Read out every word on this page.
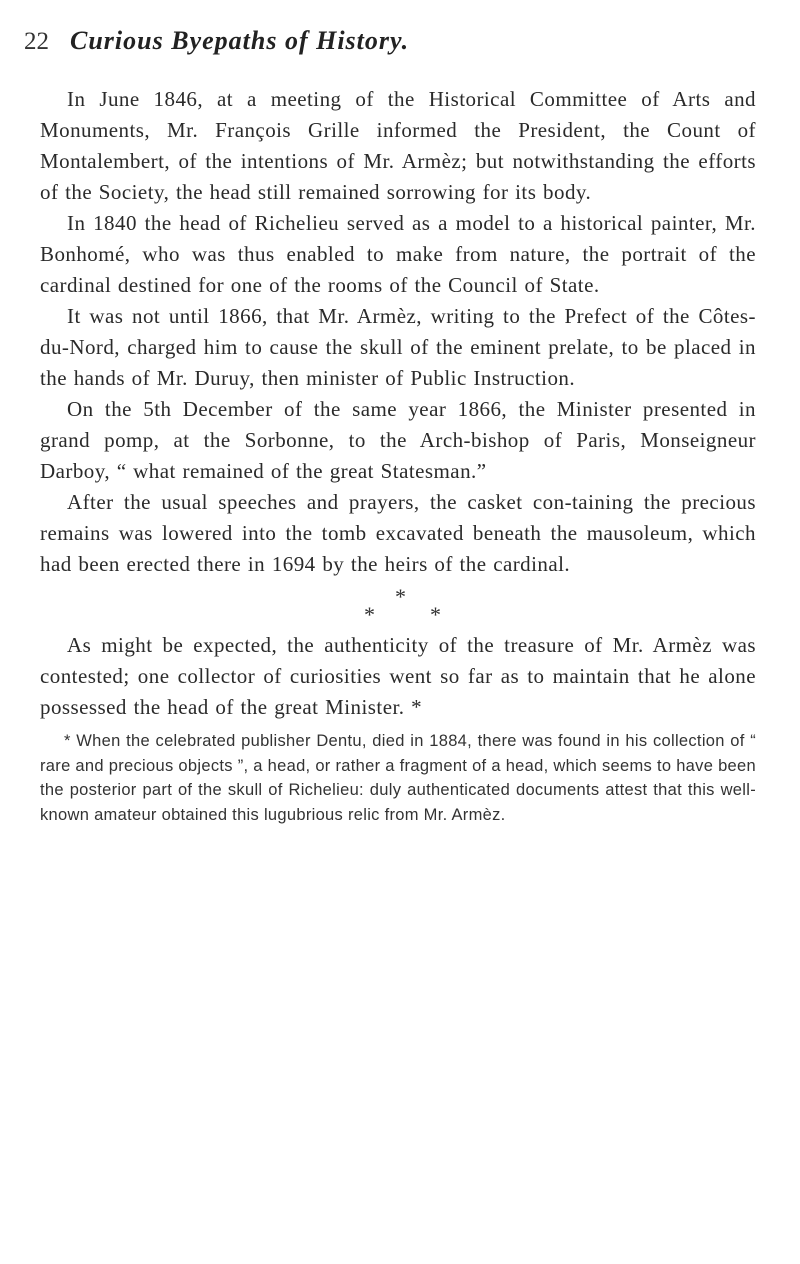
22 Curious Byepaths of History.

In June 1846, at a meeting of the Historical Committee of Arts and Monuments, Mr. François Grille informed the President, the Count of Montalembert, of the intentions of Mr. Armèz; but notwithstanding the efforts of the Society, the head still remained sorrowing for its body.

In 1840 the head of Richelieu served as a model to a historical painter, Mr. Bonhomé, who was thus enabled to make from nature, the portrait of the cardinal destined for one of the rooms of the Council of State.

It was not until 1866, that Mr. Armèz, writing to the Prefect of the Côtes-du-Nord, charged him to cause the skull of the eminent prelate, to be placed in the hands of Mr. Duruy, then minister of Public Instruction.

On the 5th December of the same year 1866, the Minister presented in grand pomp, at the Sorbonne, to the Arch-bishop of Paris, Monseigneur Darboy, “ what remained of the great Statesman.”

After the usual speeches and prayers, the casket con-taining the precious remains was lowered into the tomb excavated beneath the mausoleum, which had been erected there in 1694 by the heirs of the cardinal.

*
*	*

As might be expected, the authenticity of the treasure of Mr. Armèz was contested; one collector of curiosities went so far as to maintain that he alone possessed the head of the great Minister. *

* When the celebrated publisher Dentu, died in 1884, there was found in his collection of “ rare and precious objects ”, a head, or rather a fragment of a head, which seems to have been the posterior part of the skull of Richelieu: duly authenticated documents attest that this well-known amateur obtained this lugubrious relic from Mr. Armèz.
